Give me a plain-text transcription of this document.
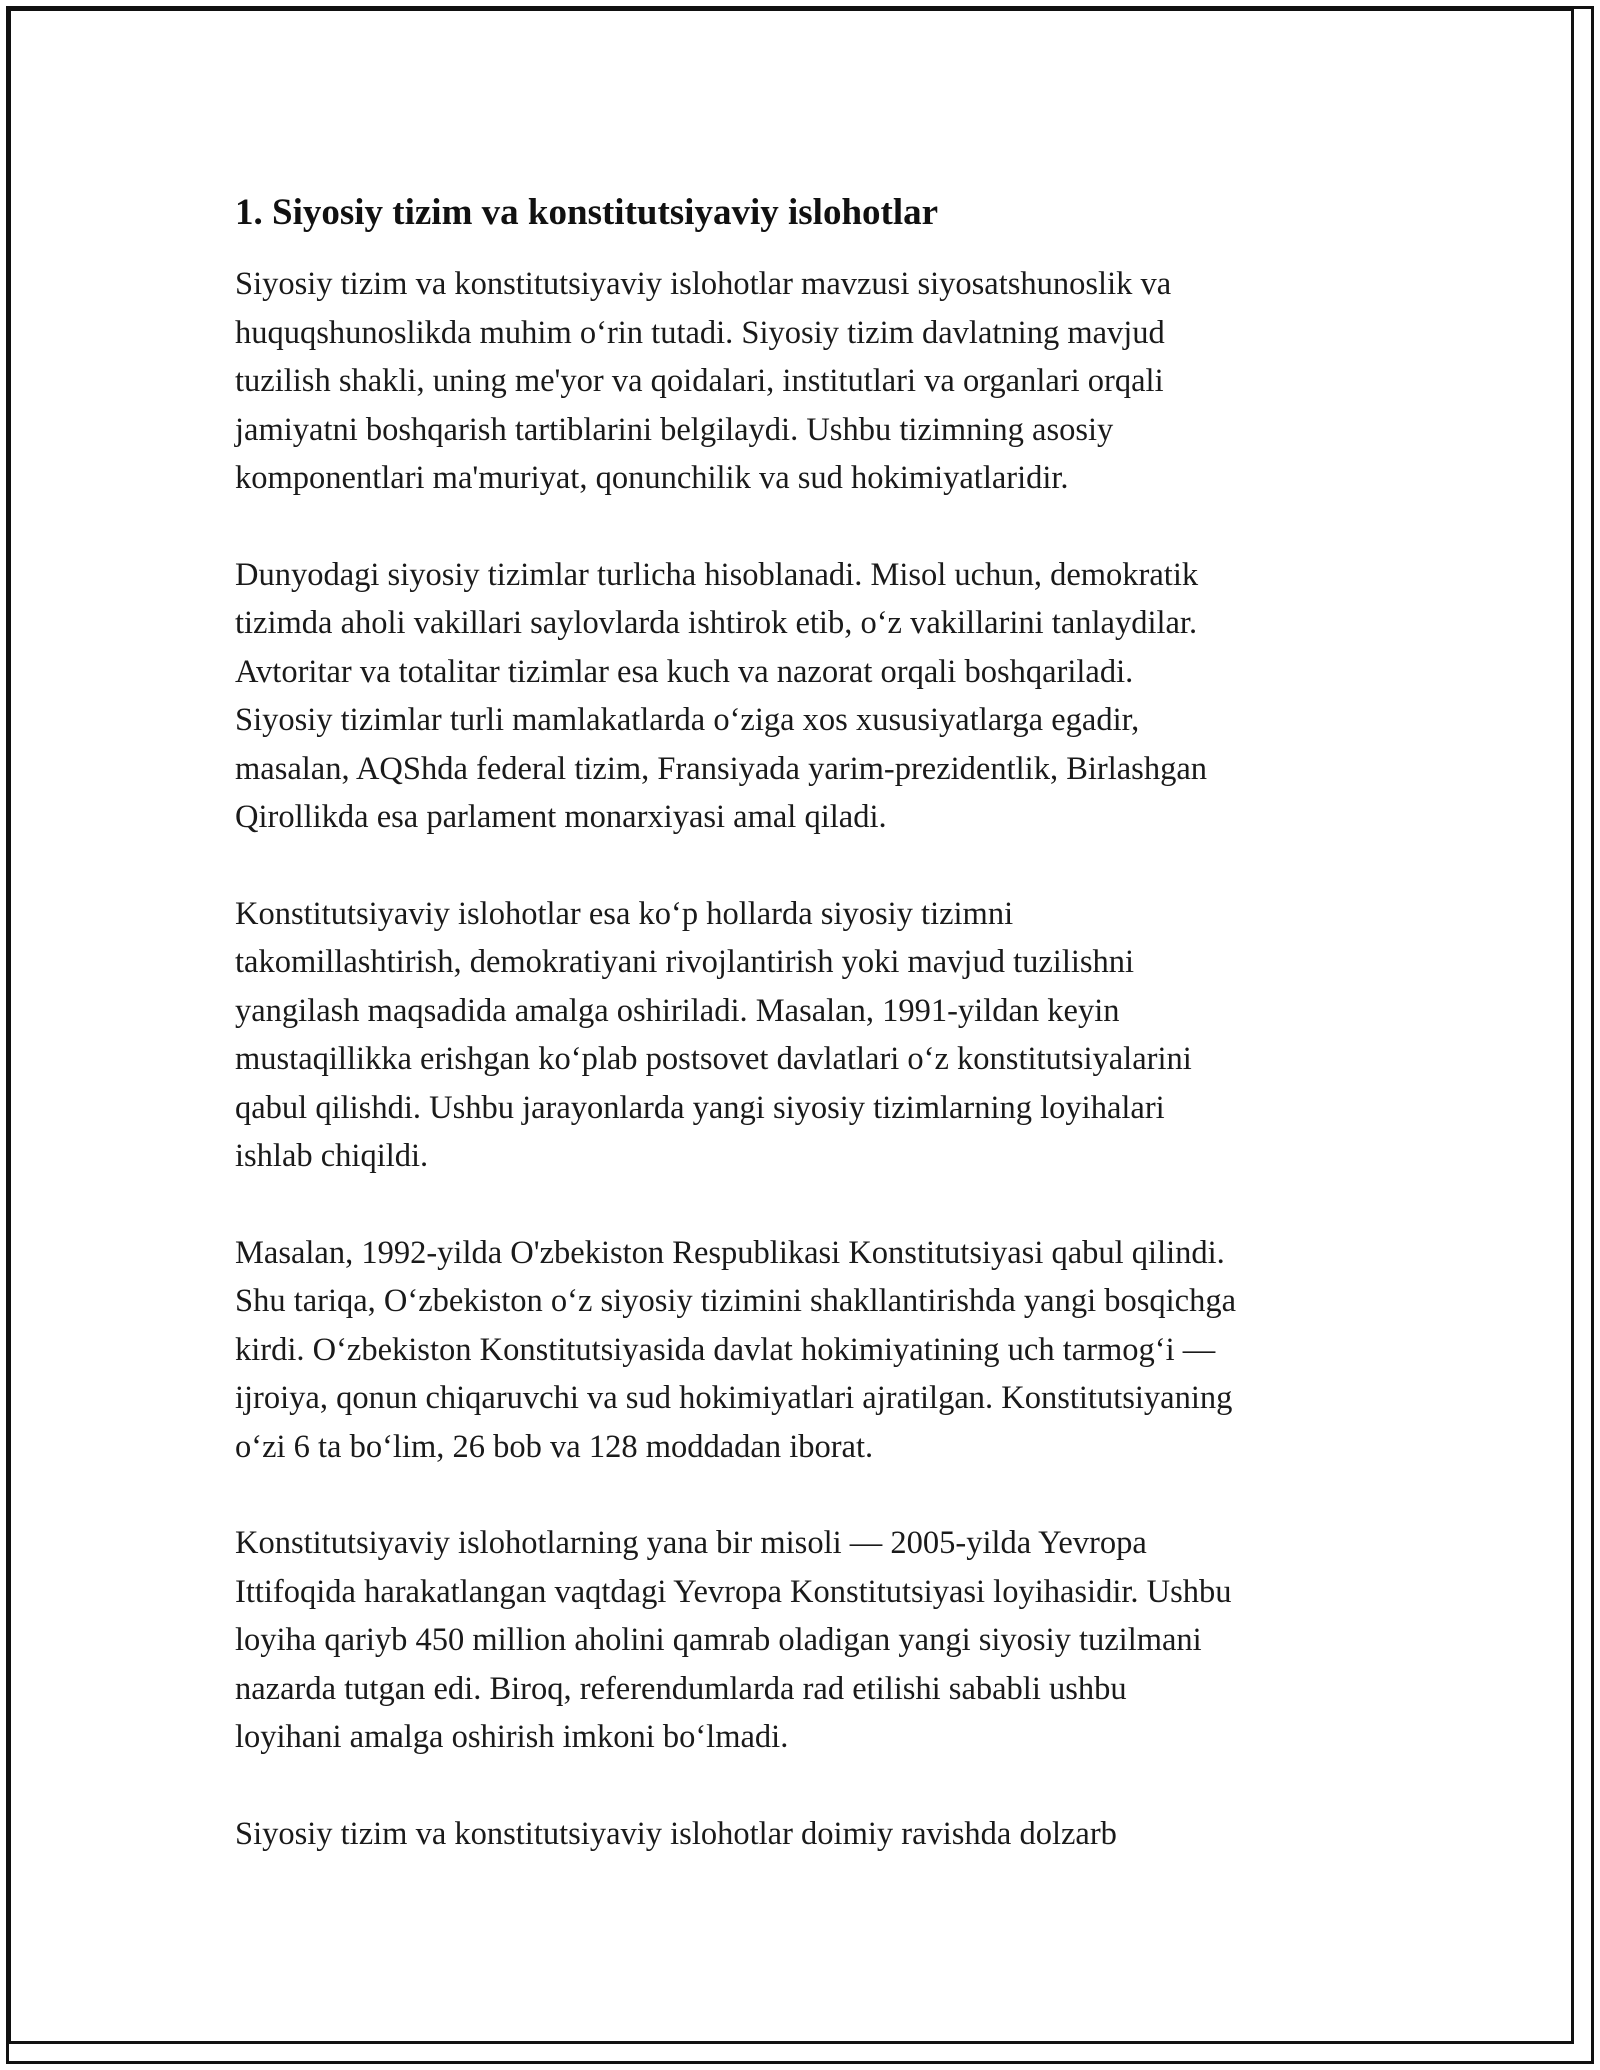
1. Siyosiy tizim va konstitutsiyaviy islohotlar

Siyosiy tizim va konstitutsiyaviy islohotlar mavzusi siyosatshunoslik va
huquqshunoslikda muhim oʻrin tutadi. Siyosiy tizim davlatning mavjud
tuzilish shakli, uning me'yor va qoidalari, institutlari va organlari orqali
jamiyatni boshqarish tartiblarini belgilaydi. Ushbu tizimning asosiy
komponentlari ma'muriyat, qonunchilik va sud hokimiyatlaridir.

Dunyodagi siyosiy tizimlar turlicha hisoblanadi. Misol uchun, demokratik
tizimda aholi vakillari saylovlarda ishtirok etib, oʻz vakillarini tanlaydilar.
Avtoritar va totalitar tizimlar esa kuch va nazorat orqali boshqariladi.
Siyosiy tizimlar turli mamlakatlarda oʻziga xos xususiyatlarga egadir,
masalan, AQShda federal tizim, Fransiyada yarim-prezidentlik, Birlashgan
Qirollikda esa parlament monarxiyasi amal qiladi.

Konstitutsiyaviy islohotlar esa koʻp hollarda siyosiy tizimni
takomillashtirish, demokratiyani rivojlantirish yoki mavjud tuzilishni
yangilash maqsadida amalga oshiriladi. Masalan, 1991-yildan keyin
mustaqillikka erishgan koʻplab postsovet davlatlari oʻz konstitutsiyalarini
qabul qilishdi. Ushbu jarayonlarda yangi siyosiy tizimlarning loyihalari
ishlab chiqildi.

Masalan, 1992-yilda O'zbekiston Respublikasi Konstitutsiyasi qabul qilindi.
Shu tariqa, Oʻzbekiston oʻz siyosiy tizimini shakllantirishda yangi bosqichga
kirdi. Oʻzbekiston Konstitutsiyasida davlat hokimiyatining uch tarmogʻi —
ijroiya, qonun chiqaruvchi va sud hokimiyatlari ajratilgan. Konstitutsiyaning
oʻzi 6 ta boʻlim, 26 bob va 128 moddadan iborat.

Konstitutsiyaviy islohotlarning yana bir misoli — 2005-yilda Yevropa
Ittifoqida harakatlangan vaqtdagi Yevropa Konstitutsiyasi loyihasidir. Ushbu
loyiha qariyb 450 million aholini qamrab oladigan yangi siyosiy tuzilmani
nazarda tutgan edi. Biroq, referendumlarda rad etilishi sababli ushbu
loyihani amalga oshirish imkoni boʻlmadi.

Siyosiy tizim va konstitutsiyaviy islohotlar doimiy ravishda dolzarb
